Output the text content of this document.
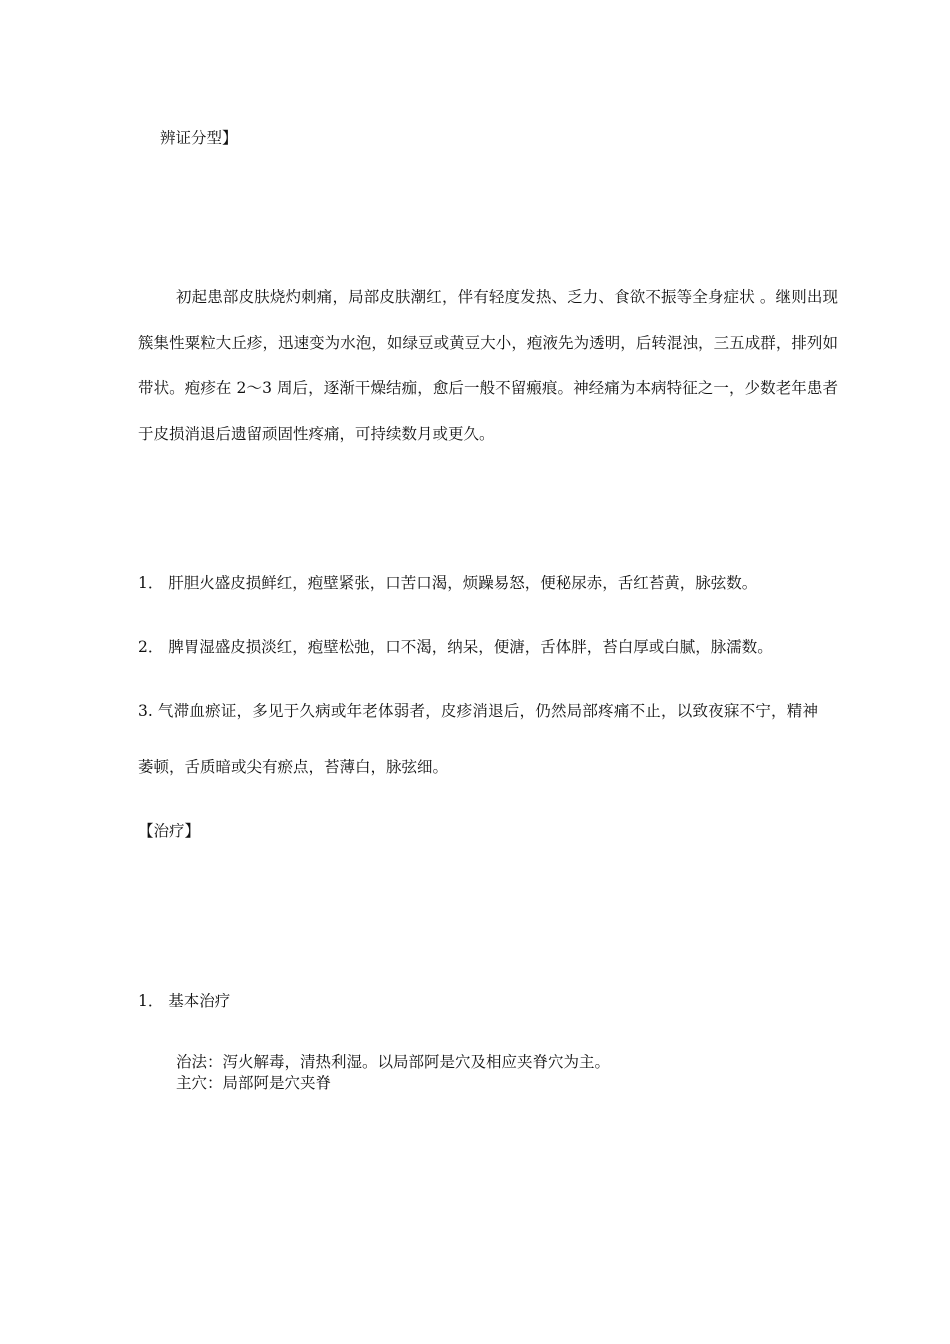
辨证分型】
初起患部皮肤烧灼刺痛，局部皮肤潮红，伴有轻度发热、乏力、食欲不振等全身症状 。继则出现簇集性粟粒大丘疹，迅速变为水泡，如绿豆或黄豆大小，疱液先为透明，后转混浊，三五成群，排列如带状。疱疹在 2～3 周后，逐渐干燥结痂，愈后一般不留瘢痕。神经痛为本病特征之一，少数老年患者于皮损消退后遗留顽固性疼痛，可持续数月或更久。
1． 肝胆火盛皮损鲜红，疱壁紧张，口苦口渴，烦躁易怒，便秘尿赤，舌红苔黄，脉弦数。
2． 脾胃湿盛皮损淡红，疱壁松弛，口不渴，纳呆，便溏，舌体胖，苔白厚或白腻，脉濡数。
3. 气滞血瘀证，多见于久病或年老体弱者，皮疹消退后，仍然局部疼痛不止，以致夜寐不宁，精神萎顿，舌质暗或尖有瘀点，苔薄白，脉弦细。
【治疗】
1． 基本治疗
治法：泻火解毒，清热利湿。以局部阿是穴及相应夹脊穴为主。
主穴：局部阿是穴夹脊
